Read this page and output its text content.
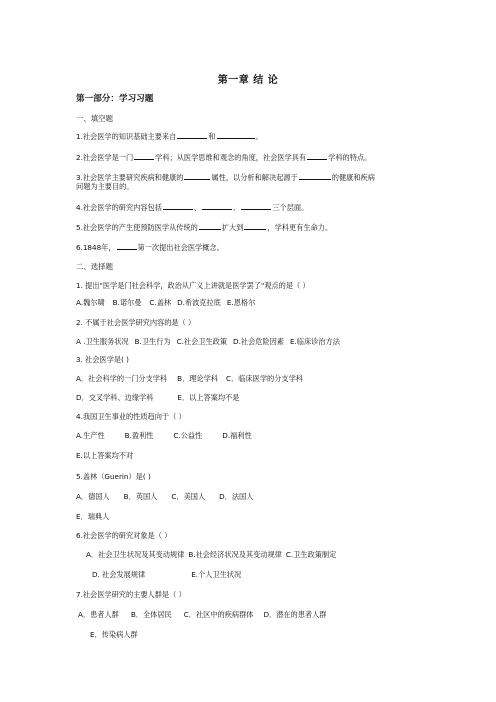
第一章 结 论
第一部分：学习习题
一、填空题
1.社会医学的知识基础主要来自	和	。
2.社会医学是一门	学科；从医学思维和观念的角度，社会医学具有	学科的特点。
3.社会医学主要研究疾病和健康的	属性，以分析和解决起源于	的健康和疾病
问题为主要目的。
4.社会医学的研究内容包括	、	、	三个层面。
5.社会医学的产生使预防医学从传统的	扩大到	，学科更有生命力。
6.1848年，	第一次提出社会医学概念。
二、选择题
1. 提出"医学是门社会科学，政治从广义上讲就是医学罢了"观点的是（ ）
A.魏尔啸 B.诺尔曼 C.盖林 D.希波克拉底 E.恩格尔
2. 不属于社会医学研究内容的是（ ）
A .卫生服务状况 B.卫生行为 C.社会卫生政策 D.社会危险因素 E.临床诊治方法
3. 社会医学是( )
A．社会科学的一门分支学科 B．理论学科 C．临床医学的分支学科
D．交叉学科、边缘学科	E．以上答案均不是
4.我国卫生事业的性质趋向于（ ）
A.生产性	B.盈利性	C.公益性	D.福利性
E.以上答案均不对
5.盖林（Guerin）是( )
A．德国人 B．英国人 C．美国人 D．法国人
E．瑞典人
6.社会医学的研究对象是（ ）
A．社会卫生状况及其变动规律 B.社会经济状况及其变动规律 C.卫生政策制定
D. 社会发展规律	E.个人卫生状况
7.社会医学研究的主要人群是（ ）
A．患者人群 B．全体居民 C．社区中的疾病群体 D．潜在的患者人群
E．传染病人群
